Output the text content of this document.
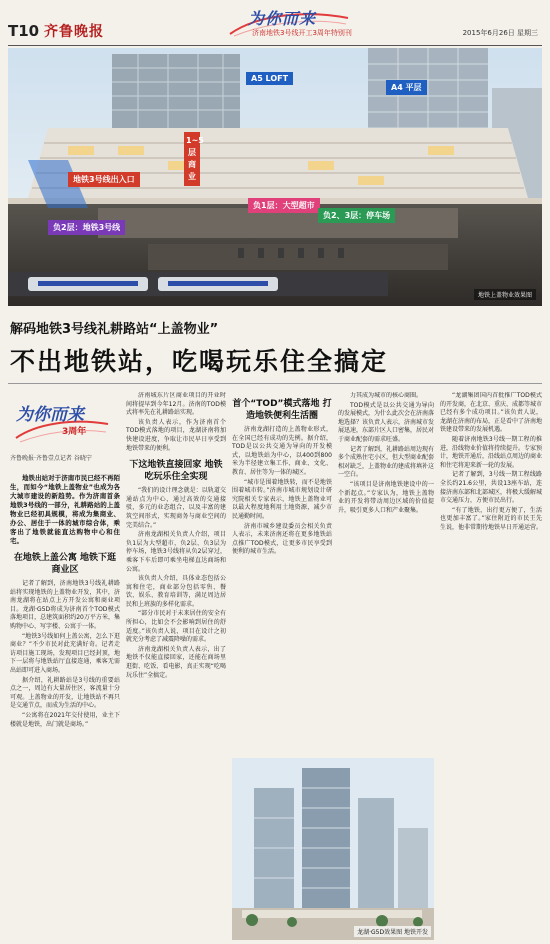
T10 齐鲁晚报
为你而来
济南地铁3号线开工3周年特别刊	2015年6月26日 星期三
A5 LOFT
A4 平层
1~5层 商业
地铁3号线出入口
负1层：大型超市
负2、3层：停车场
负2层：地铁3号线
地铁上盖物业效果图
解码地铁3号线礼耕路站“上盖物业”
不出地铁站，吃喝玩乐住全搞定
为你而来
3周年
齐鲁晚报·齐鲁壹点记者 谷晓宁

地铁出站对于济南市民已经不再陌生，而如今“地铁上盖物业”也成为各大城市建设的新趋势。作为济南首条地铁3号线的一部分，礼耕路站的上盖物业已经初具规模，将成为集商业、办公、居住于一体的城市综合体，乘客出了地铁就能直达购物中心和住宅。

在地铁上盖公寓 地铁下逛商业区

记者了解到，济南地铁3号线礼耕路站将实现地铁的上盖物业开发，其中，济南龙湖将在站点上方开发公寓和商业项目。龙湖·G5D将成为济南首个TOD模式落地项目，总建筑面积约20万平方米，集购物中心、写字楼、公寓于一体。

“地铁3号线如何上盖公寓，怎么下逛商业？”不少市民对此充满好奇。记者走访项目施工现场，发现项目已经封顶，地下一层将与地铁站厅直接连通，乘客无需出站即可进入商场。

据介绍，礼耕路站是3号线的重要站点之一，周边有大量居住区，客流量十分可观。上盖物业的开发，让地铁站不再只是交通节点，而成为生活的中心。

“公寓将在2021年交付使用，业主下楼就是地铁，出门就是商场。”

济南城东片区商业项目的开业时间将提早到今年12月。济南的TOD模式将率先在礼耕路站实现。

该负责人表示，作为济南首个TOD模式落地的项目，龙湖济南将加快建设进度，争取让市民早日享受到地铁带来的便利。

下这地铁直接回家 地铁吃玩乐住全实现

“我们的设计理念就是：以轨道交通站点为中心，通过高效的交通接驳，多元的业态组合，以及丰富的建筑空间形式，实现商务与商业空间的完美结合。”

济南龙湖相关负责人介绍，项目负1层为大型超市，负2层、负3层为停车场，地铁3号线将从负2层穿过，乘客下车后即可乘坐电梯直达商场和公寓。

该负责人介绍，具体业态包括公寓和住宅，商业部分包括零售、餐饮、娱乐、教育培训等，满足周边居民和上班族的多样化需求。

“部分市民对于未来居住的安全有所担心，比如会不会影响到居住的舒适度。”该负责人说，项目在设计之初就充分考虑了减震降噪的需求。

济南龙湖相关负责人表示，出了地铁不仅能直接回家，还能在商场里逛街、吃饭、看电影，真正实现“吃喝玩乐住”全搞定。

首个“TOD”模式落地 打造地铁便利生活圈

济南龙湖打造的上盖物业形式，在全国已经有成功的先例。据介绍，TOD是以公共交通为导向的开发模式，以地铁站为中心，以400到800米为半径建立集工作、商业、文化、教育、居住等为一体的城区。

“城市是围着地铁转，而不是地铁围着城市转。”济南市城市规划设计研究院相关专家表示，地铁上盖物业可以最大程度地利用土地资源，减少市民通勤时间。

济南市城乡建设委员会相关负责人表示，未来济南还将在更多地铁站点推广TOD模式，让更多市民享受到便利的城市生活。

力其成为城市的核心商圈。

TOD模式是以公共交通为导向的发展模式，为什么此次会在济南落地选择？该负责人表示，济南城市发展迅速，东部片区人口密集，居民对于商业配套的需求旺盛。

记者了解到，礼耕路站周边现有多个成熟住宅小区，但大型商业配套相对缺乏，上盖物业的建成将填补这一空白。

“该项目是济南地铁建设中的一个新起点。”专家认为，地铁上盖物业的开发将带动周边区域的价值提升，吸引更多人口和产业聚集。

“龙湖集团国内首批推广TOD模式的开发商，在北京、重庆、成都等城市已经有多个成功项目。”该负责人说，龙湖在济南的布局，正是看中了济南地铁建设带来的发展机遇。

随着济南地铁3号线一期工程的推进，沿线物业价值将持续提升。专家预计，地铁开通后，沿线站点周边的商业和住宅将迎来新一轮的发展。

记者了解到，3号线一期工程线路全长约21.6公里，共设13座车站，连接济南东部和北部城区，将极大缓解城市交通压力，方便市民出行。

“有了地铁，出行更方便了，生活也更加丰富了。”家住附近的市民王先生说，他非常期待地铁早日开通运营。

龙湖·G5D效果图 地铁开发
